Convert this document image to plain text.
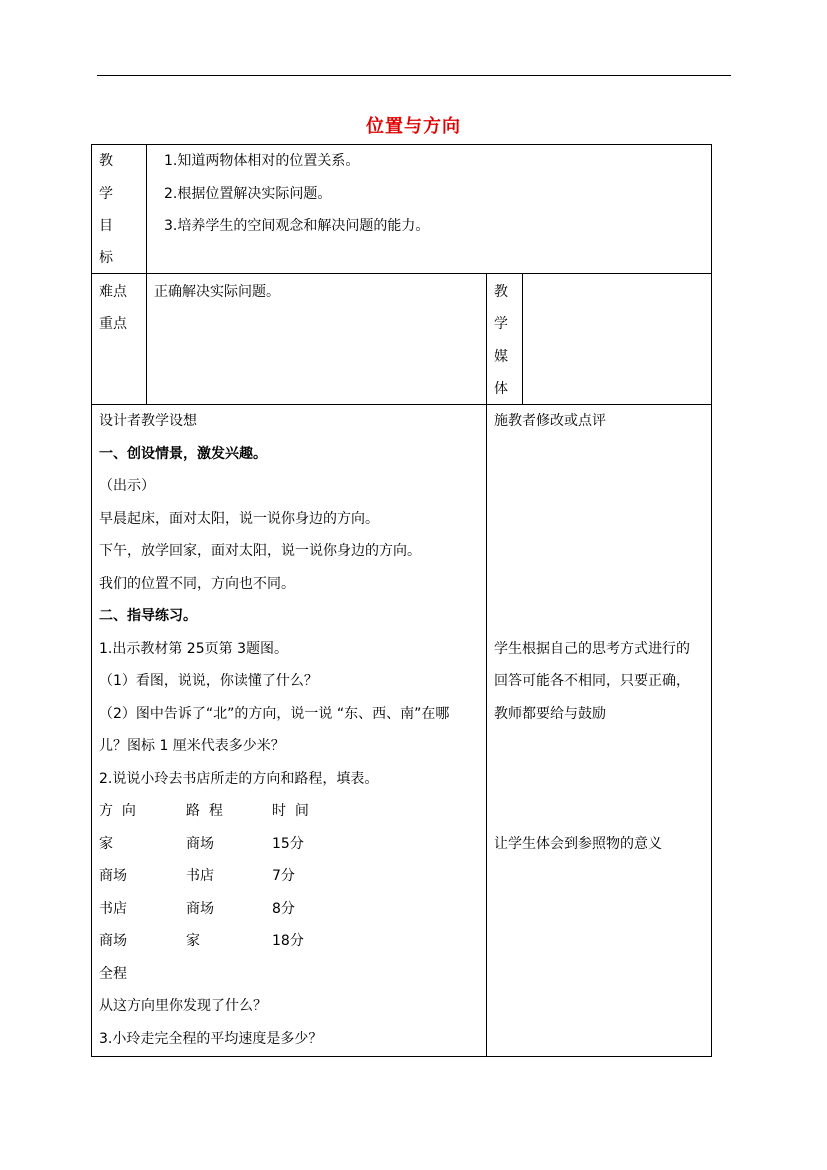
位置与方向
教
学
目
标
1.知道两物体相对的位置关系。
2.根据位置解决实际问题。
3.培养学生的空间观念和解决问题的能力。
难点
重点
正确解决实际问题。	教
学
媒
体
设计者教学设想	施教者修改或点评
一、创设情景，激发兴趣。
（出示）
早晨起床，面对太阳，说一说你身边的方向。
下午，放学回家，面对太阳，说一说你身边的方向。
我们的位置不同，方向也不同。
二、指导练习。
1.出示教材第 25页第 3题图。
（1）看图，说说，你读懂了什么？
（2）图中告诉了“北”的方向，说一说 “东、西、南”在哪
儿？图标 1 厘米代表多少米？
2.说说小玲去书店所走的方向和路程，填表。
方  向	路  程	时  间
家	商场	15分
商场	书店	7分
书店	商场	8分
商场	家	18分
全程
从这方向里你发现了什么？
3.小玲走完全程的平均速度是多少？
学生根据自己的思考方式进行的
回答可能各不相同，只要正确，
教师都要给与鼓励
让学生体会到参照物的意义
